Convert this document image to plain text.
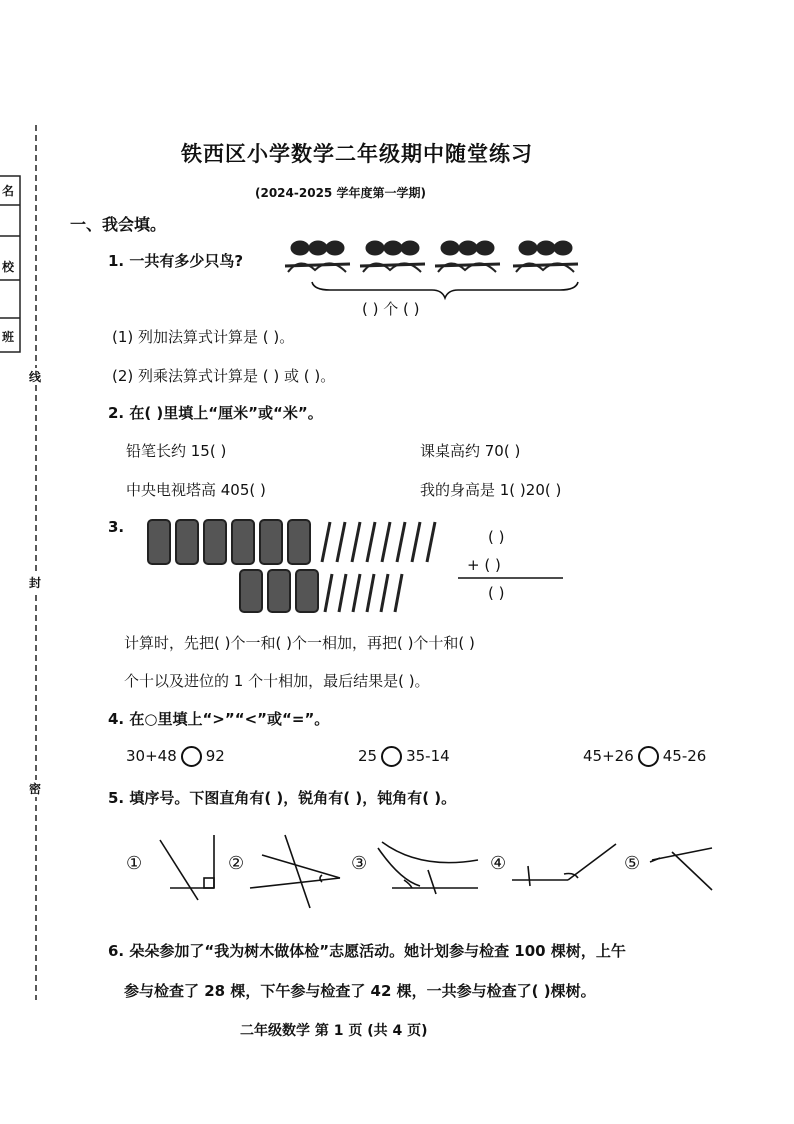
名
校
班
线
封
密
铁西区小学数学二年级期中随堂练习
(2024-2025 学年度第一学期)
一、我会填。
1. 一共有多少只鸟?
( ) 个 ( )
(1) 列加法算式计算是 ( )。
(2) 列乘法算式计算是 ( ) 或 ( )。
2. 在( )里填上“厘米”或“米”。
铅笔长约 15( )	课桌高约 70( )
中央电视塔高 405( )	我的身高是 1( )20( )
3.
( )
+ ( )
( )
计算时，先把( )个一和( )个一相加，再把( )个十和( )
个十以及进位的 1 个十相加，最后结果是( )。
4. 在○里填上“>”“<”或“=”。
30+48 92	25 35-14	45+26 45-26
5. 填序号。下图直角有( )，锐角有( )，钝角有( )。
①	②	③	④	⑤
6. 朵朵参加了“我为树木做体检”志愿活动。她计划参与检查 100 棵树，上午
参与检查了 28 棵，下午参与检查了 42 棵，一共参与检查了( )棵树。
二年级数学 第 1 页 (共 4 页)
